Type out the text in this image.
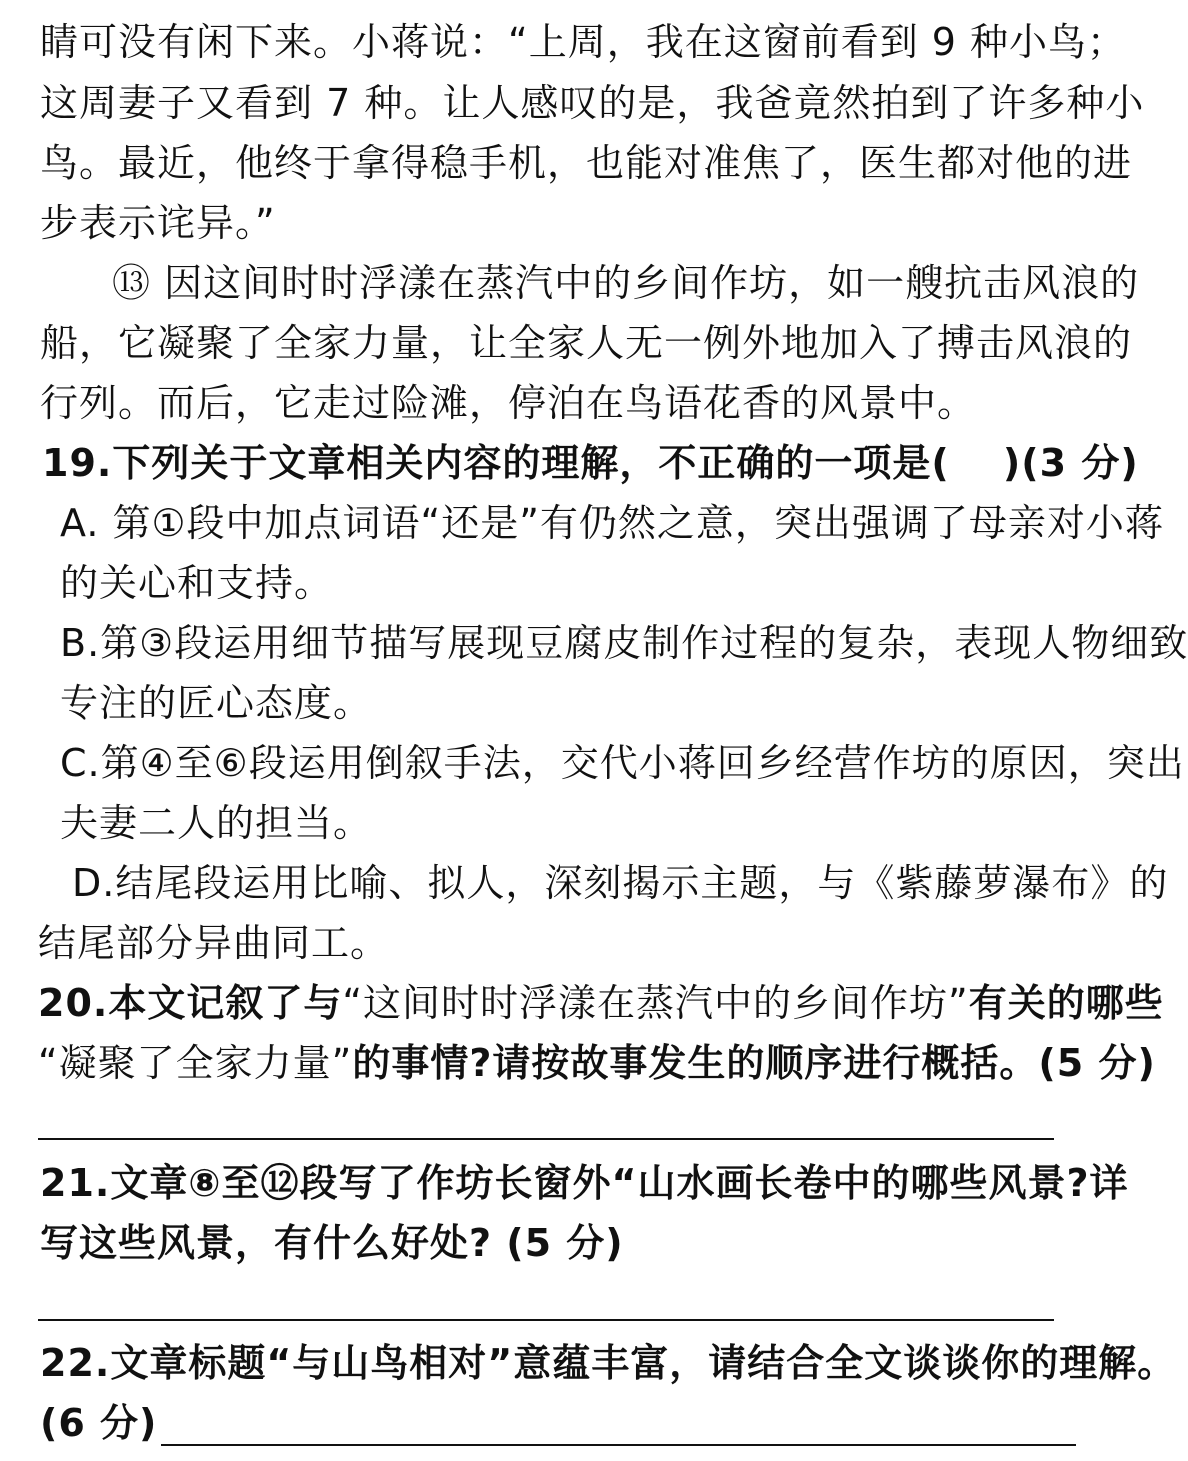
睛可没有闲下来。小蒋说：“上周，我在这窗前看到 9 种小鸟；
这周妻子又看到 7 种。让人感叹的是，我爸竟然拍到了许多种小
鸟。最近，他终于拿得稳手机，也能对准焦了，医生都对他的进
步表示诧异。”
⑬ 因这间时时浮漾在蒸汽中的乡间作坊，如一艘抗击风浪的
船，它凝聚了全家力量，让全家人无一例外地加入了搏击风浪的
行列。而后，它走过险滩，停泊在鸟语花香的风景中。
19.下列关于文章相关内容的理解，不正确的一项是(　 )(3 分)
A. 第①段中加点词语“还是”有仍然之意，突出强调了母亲对小蒋
的关心和支持。
B.第③段运用细节描写展现豆腐皮制作过程的复杂，表现人物细致
专注的匠心态度。
C.第④至⑥段运用倒叙手法，交代小蒋回乡经营作坊的原因，突出
夫妻二人的担当。
D.结尾段运用比喻、拟人，深刻揭示主题，与《紫藤萝瀑布》的
结尾部分异曲同工。
20.本文记叙了与“这间时时浮漾在蒸汽中的乡间作坊”有关的哪些
“凝聚了全家力量”的事情?请按故事发生的顺序进行概括。(5 分)
21.文章⑧至⑫段写了作坊长窗外“山水画长卷中的哪些风景?详
写这些风景，有什么好处? (5 分)
22.文章标题“与山鸟相对”意蕴丰富，请结合全文谈谈你的理解。
(6 分)
